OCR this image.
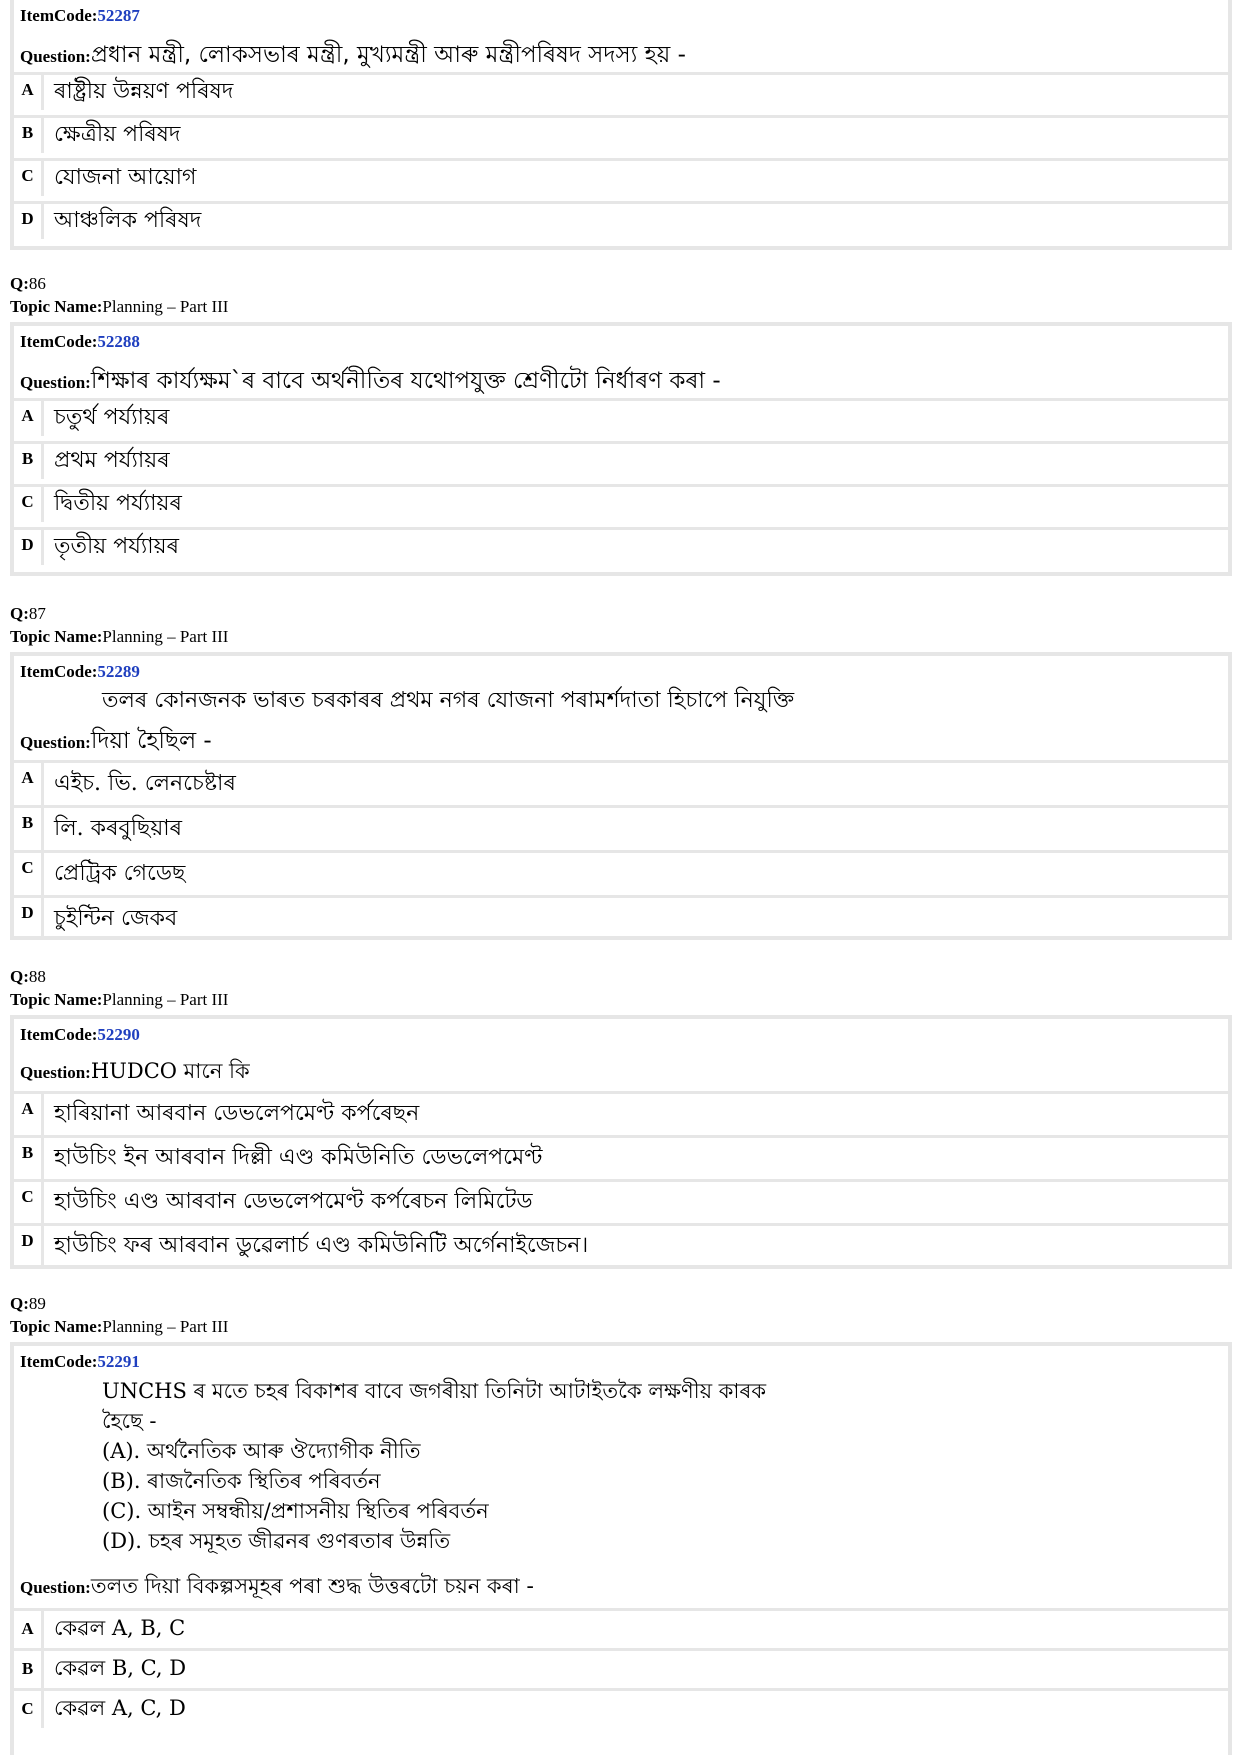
ItemCode:52287
Question:প্ৰধান মন্ত্ৰী, লোকসভাৰ মন্ত্ৰী, মুখ্যমন্ত্ৰী আৰু মন্ত্ৰীপৰিষদ সদস্য হয় -
A ৰাষ্ট্ৰীয় উন্নয়ণ পৰিষদ
B ক্ষেত্ৰীয় পৰিষদ
C যোজনা আয়োগ
D আঞ্চলিক পৰিষদ
Q:86
Topic Name:Planning – Part III
ItemCode:52288
Question:শিক্ষাৰ কাৰ্য্যক্ষম`ৰ বাবে অৰ্থনীতিৰ যথোপযুক্ত শ্ৰেণীটো নিৰ্ধাৰণ কৰা -
A চতুৰ্থ পৰ্য্যায়ৰ
B প্ৰথম পৰ্য্যায়ৰ
C দ্বিতীয় পৰ্য্যায়ৰ
D তৃতীয় পৰ্য্যায়ৰ
Q:87
Topic Name:Planning – Part III
ItemCode:52289
তলৰ কোনজনক ভাৰত চৰকাৰৰ প্ৰথম নগৰ যোজনা পৰামৰ্শদাতা হিচাপে নিযুক্তি
Question:দিয়া হৈছিল -
A এইচ. ভি. লেনচেষ্টাৰ
B লি. কৰবুছিয়াৰ
C প্ৰেট্ৰিক গেডেছ
D চুইন্টিন জেকব
Q:88
Topic Name:Planning – Part III
ItemCode:52290
Question:HUDCO মানে কি
A হাৰিয়ানা আৰবান ডেভলেপমেণ্ট কৰ্পৰেছন
B হাউচিং ইন আৰবান দিল্লী এণ্ড কমিউনিতি ডেভলেপমেণ্ট
C হাউচিং এণ্ড আৰবান ডেভলেপমেণ্ট কৰ্পৰেচন লিমিটেড
D হাউচিং ফৰ আৰবান ডুৱেলাৰ্চ এণ্ড কমিউনিটি অৰ্গেনাইজেচন।
Q:89
Topic Name:Planning – Part III
ItemCode:52291
UNCHS ৰ মতে চহৰ বিকাশৰ বাবে জগৰীয়া তিনিটা আটাইতকৈ লক্ষণীয় কাৰক
হৈছে -
(A). অৰ্থনৈতিক আৰু ঔদ্যোগীক নীতি
(B). ৰাজনৈতিক স্থিতিৰ পৰিবৰ্তন
(C). আইন সম্বন্ধীয়/প্ৰশাসনীয় স্থিতিৰ পৰিবৰ্তন
(D). চহৰ সমূহত জীৱনৰ গুণৰতাৰ উন্নতি
Question:তলত দিয়া বিকল্পসমূহৰ পৰা শুদ্ধ উত্তৰটো চয়ন কৰা -
A কেৱল A, B, C
B কেৱল B, C, D
C কেৱল A, C, D
